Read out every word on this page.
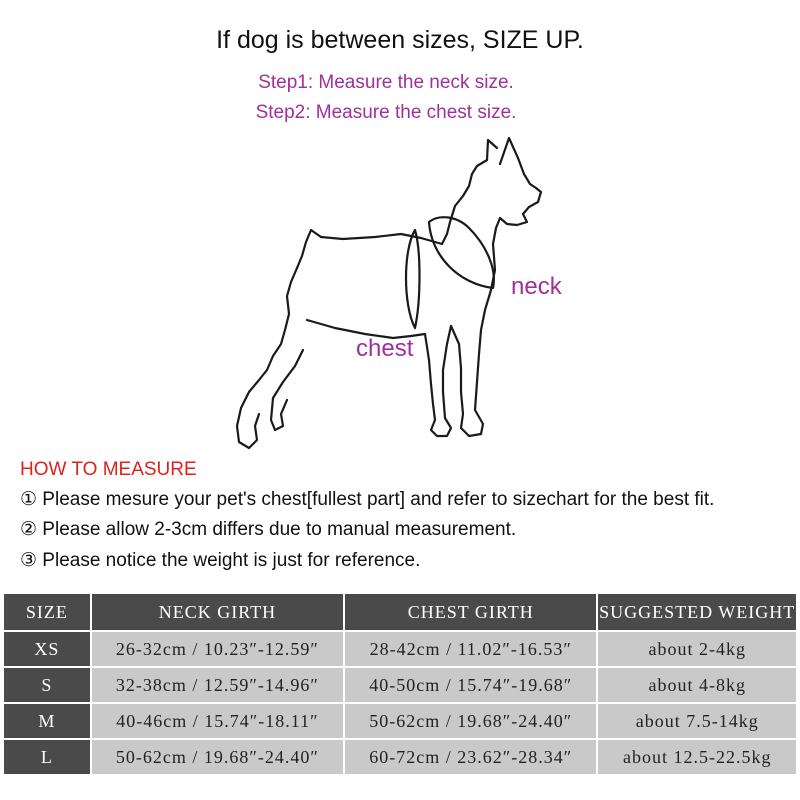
If dog is between sizes, SIZE UP.
Step1: Measure the neck size.
Step2: Measure the chest size.
neck
chest
HOW TO MEASURE
① Please mesure your pet's chest[fullest part] and refer to sizechart for the best fit.
② Please allow 2-3cm differs due to manual measurement.
③ Please notice the weight is just for reference.
SIZE	NECK GIRTH	CHEST GIRTH	SUGGESTED WEIGHT
XS	26-32cm / 10.23″-12.59″	28-42cm / 11.02″-16.53″	about 2-4kg
S	32-38cm / 12.59″-14.96″	40-50cm / 15.74″-19.68″	about 4-8kg
M	40-46cm / 15.74″-18.11″	50-62cm / 19.68″-24.40″	about 7.5-14kg
L	50-62cm / 19.68″-24.40″	60-72cm / 23.62″-28.34″	about 12.5-22.5kg
